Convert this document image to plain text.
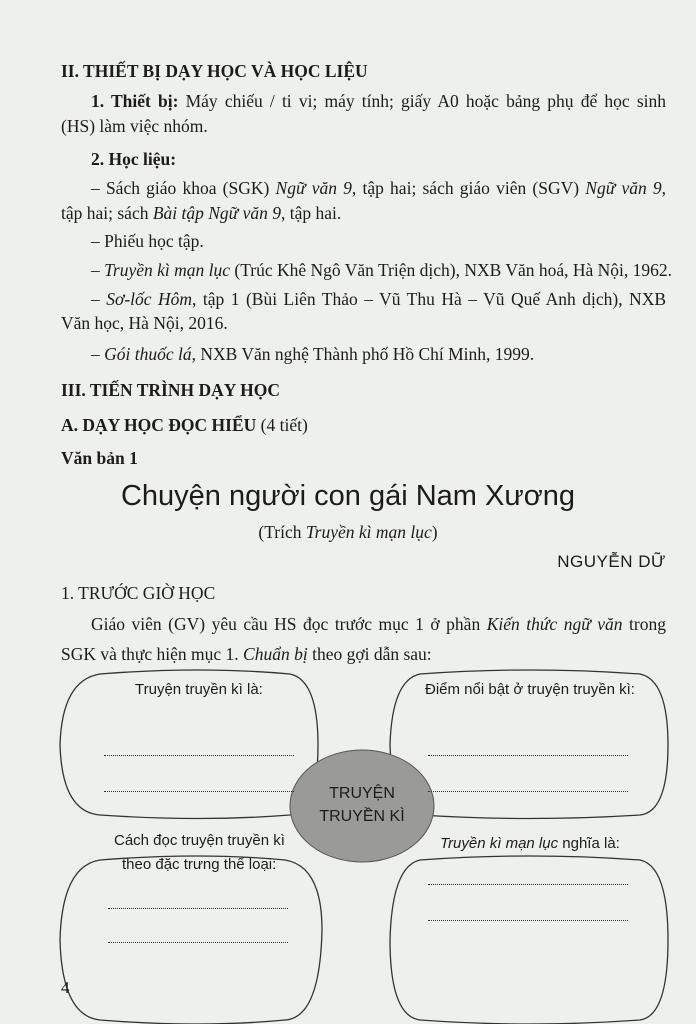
II. THIẾT BỊ DẠY HỌC VÀ HỌC LIỆU
1. Thiết bị: Máy chiếu / ti vi; máy tính; giấy A0 hoặc bảng phụ để học sinh
(HS) làm việc nhóm.
2. Học liệu:
– Sách giáo khoa (SGK) Ngữ văn 9, tập hai; sách giáo viên (SGV) Ngữ văn 9,
tập hai; sách Bài tập Ngữ văn 9, tập hai.
– Phiếu học tập.
– Truyền kì mạn lục (Trúc Khê Ngô Văn Triện dịch), NXB Văn hoá, Hà Nội, 1962.
– Sơ-lốc Hôm, tập 1 (Bùi Liên Thảo – Vũ Thu Hà – Vũ Quế Anh dịch), NXB
Văn học, Hà Nội, 2016.
– Gói thuốc lá, NXB Văn nghệ Thành phố Hồ Chí Minh, 1999.
III. TIẾN TRÌNH DẠY HỌC
A. DẠY HỌC ĐỌC HIỂU (4 tiết)
Văn bản 1
Chuyện người con gái Nam Xương
(Trích Truyền kì mạn lục)
NGUYỄN DỮ
1. TRƯỚC GIỜ HỌC
Giáo viên (GV) yêu cầu HS đọc trước mục 1 ở phần Kiến thức ngữ văn trong
SGK và thực hiện mục 1. Chuẩn bị theo gợi dẫn sau:
Truyện truyền kì là:	Điểm nổi bật ở truyện truyền kì:
TRUYỆN
TRUYỀN KÌ
Cách đọc truyện truyền kì
theo đặc trưng thể loại:
Truyền kì mạn lục nghĩa là:
4
